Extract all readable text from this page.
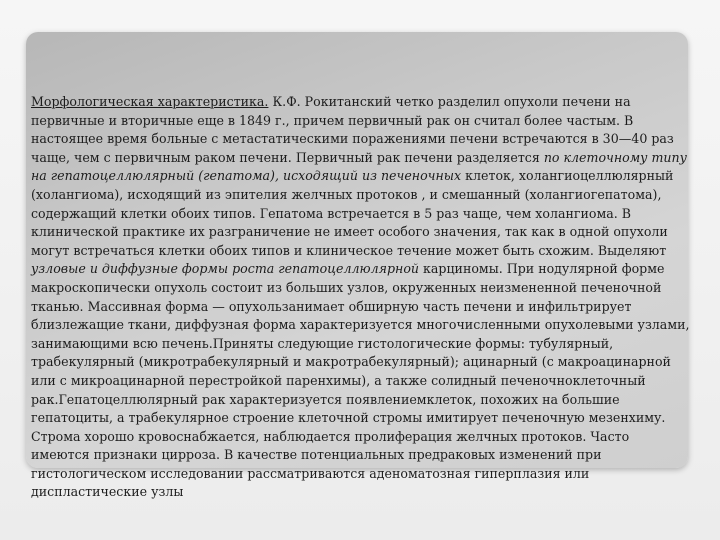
Морфологическая характеристика. К.Ф. Рокитанский четко разделил опухоли печени на первичные и вторичные еще в 1849 г., причем первичный рак он считал более частым. В настоящее время больные с метастатическими поражениями печени встречаются в 30—40 раз чаще, чем с первичным раком печени. Первичный рак печени разделяется по клеточному типу на гепатоцеллюлярный (гепатома), исходящий из печеночных клеток, холангиоцеллюлярный (холангиома), исходящий из эпителия желчных протоков , и смешанный (холангиогепатома), содержащий клетки обоих типов. Гепатома встречается в 5 раз чаще, чем холангиома. В клинической практике их разграничение не имеет особого значения, так как в одной опухоли могут встречаться клетки обоих типов и клиническое течение может быть схожим. Выделяют узловые и диффузные формы роста гепатоцеллюлярной карциномы. При нодулярной форме макроскопически опухоль состоит из больших узлов, окруженных неизмененной печеночной тканью. Массивная форма — опухользанимает обширную часть печени и инфильтрирует близлежащие ткани, диффузная форма характеризуется многочисленными опухолевыми узлами, занимающими всю печень.Приняты следующие гистологические формы: тубулярный, трабекулярный (микротрабекулярный и макротрабекулярный); ацинарный (с макроацинарной или с микроацинарной перестройкой паренхимы), а также солидный печеночноклеточный рак.Гепатоцеллюлярный рак характеризуется появлениемклеток, похожих на большие гепатоциты, а трабекулярное строение клеточной стромы имитирует печеночную мезенхиму. Строма хорошо кровоснабжается, наблюдается пролиферация желчных протоков. Часто имеются признаки цирроза. В качестве потенциальных предраковых изменений при гистологическом исследовании рассматриваются аденоматозная гиперплазия или диспластические узлы
